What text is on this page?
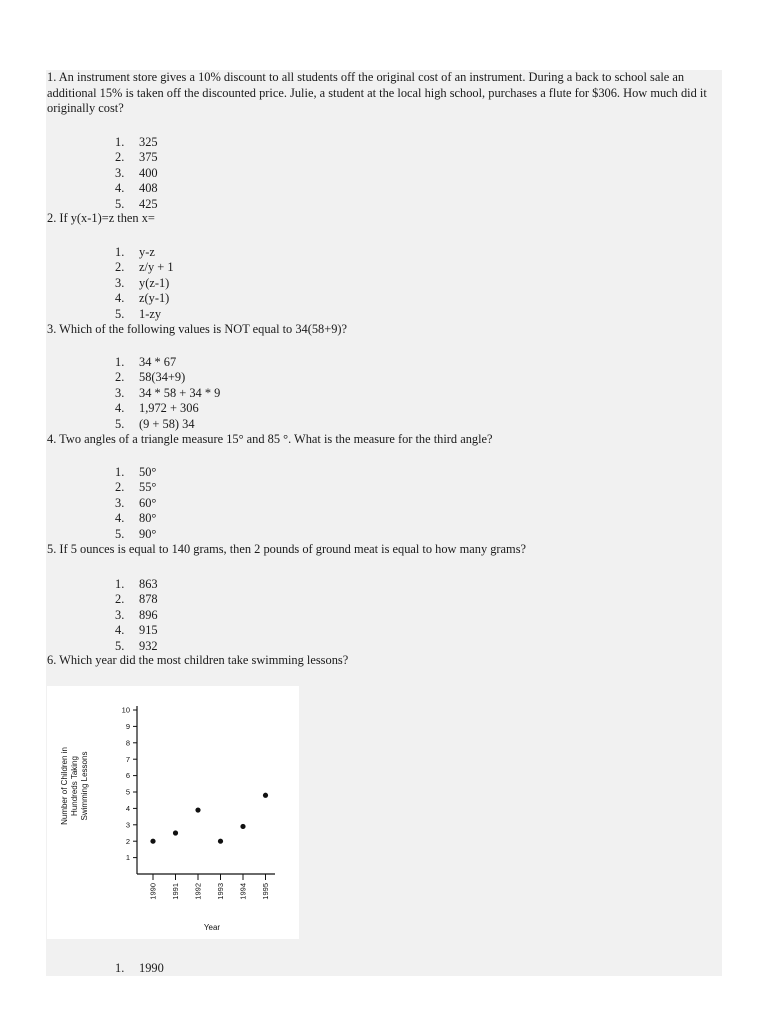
1. An instrument store gives a 10% discount to all students off the original cost of an instrument. During a back to school sale an additional 15% is taken off the discounted price. Julie, a student at the local high school, purchases a flute for $306. How much did it originally cost?

1. 325
2. 375
3. 400
4. 408
5. 425

2. If y(x-1)=z then x=

1. y-z
2. z/y + 1
3. y(z-1)
4. z(y-1)
5. 1-zy

3. Which of the following values is NOT equal to 34(58+9)?

1. 34 * 67
2. 58(34+9)
3. 34 * 58 + 34 * 9
4. 1,972 + 306
5. (9 + 58) 34

4. Two angles of a triangle measure 15° and 85 °. What is the measure for the third angle?

1. 50°
2. 55°
3. 60°
4. 80°
5. 90°

5. If 5 ounces is equal to 140 grams, then 2 pounds of ground meat is equal to how many grams?

1. 863
2. 878
3. 896
4. 915
5. 932

6. Which year did the most children take swimming lessons?

Number of Children in Hundreds Taking Swimming Lessons
1
2
3
4
5
6
7
8
9
10
1990 1991 1992 1993 1994 1995
Year
1. 1990
